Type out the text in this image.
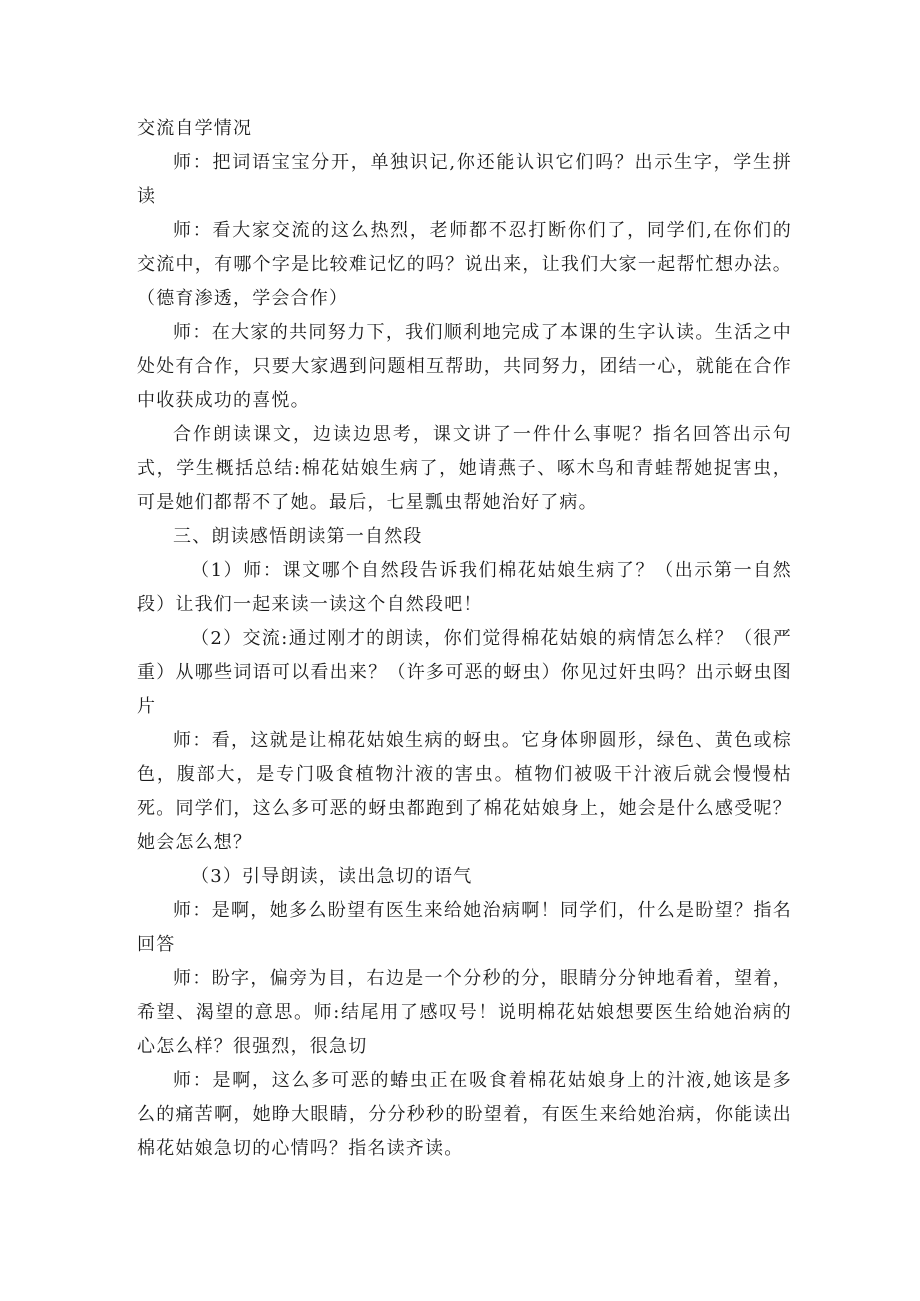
交流自学情况

师：把词语宝宝分开，单独识记,你还能认识它们吗？出示生字，学生拼读

师：看大家交流的这么热烈，老师都不忍打断你们了，同学们,在你们的交流中，有哪个字是比较难记忆的吗？说出来，让我们大家一起帮忙想办法。（德育渗透，学会合作）

师：在大家的共同努力下，我们顺利地完成了本课的生字认读。生活之中处处有合作，只要大家遇到问题相互帮助，共同努力，团结一心，就能在合作中收获成功的喜悦。

合作朗读课文，边读边思考，课文讲了一件什么事呢？指名回答出示句式，学生概括总结:棉花姑娘生病了，她请燕子、啄木鸟和青蛙帮她捉害虫，可是她们都帮不了她。最后，七星瓢虫帮她治好了病。

三、朗读感悟朗读第一自然段

（1）师：课文哪个自然段告诉我们棉花姑娘生病了？（出示第一自然段）让我们一起来读一读这个自然段吧！

（2）交流:通过刚才的朗读，你们觉得棉花姑娘的病情怎么样？（很严重）从哪些词语可以看出来？（许多可恶的蚜虫）你见过奸虫吗？出示蚜虫图片

师：看，这就是让棉花姑娘生病的蚜虫。它身体卵圆形，绿色、黄色或棕色，腹部大，是专门吸食植物汁液的害虫。植物们被吸干汁液后就会慢慢枯死。同学们，这么多可恶的蚜虫都跑到了棉花姑娘身上，她会是什么感受呢？她会怎么想？

（3）引导朗读，读出急切的语气

师：是啊，她多么盼望有医生来给她治病啊！同学们，什么是盼望？指名回答

师：盼字，偏旁为目，右边是一个分秒的分，眼睛分分钟地看着，望着，希望、渴望的意思。师:结尾用了感叹号！说明棉花姑娘想要医生给她治病的心怎么样？很强烈，很急切

师：是啊，这么多可恶的蝽虫正在吸食着棉花姑娘身上的汁液,她该是多么的痛苦啊，她睁大眼睛，分分秒秒的盼望着，有医生来给她治病，你能读出棉花姑娘急切的心情吗？指名读齐读。
